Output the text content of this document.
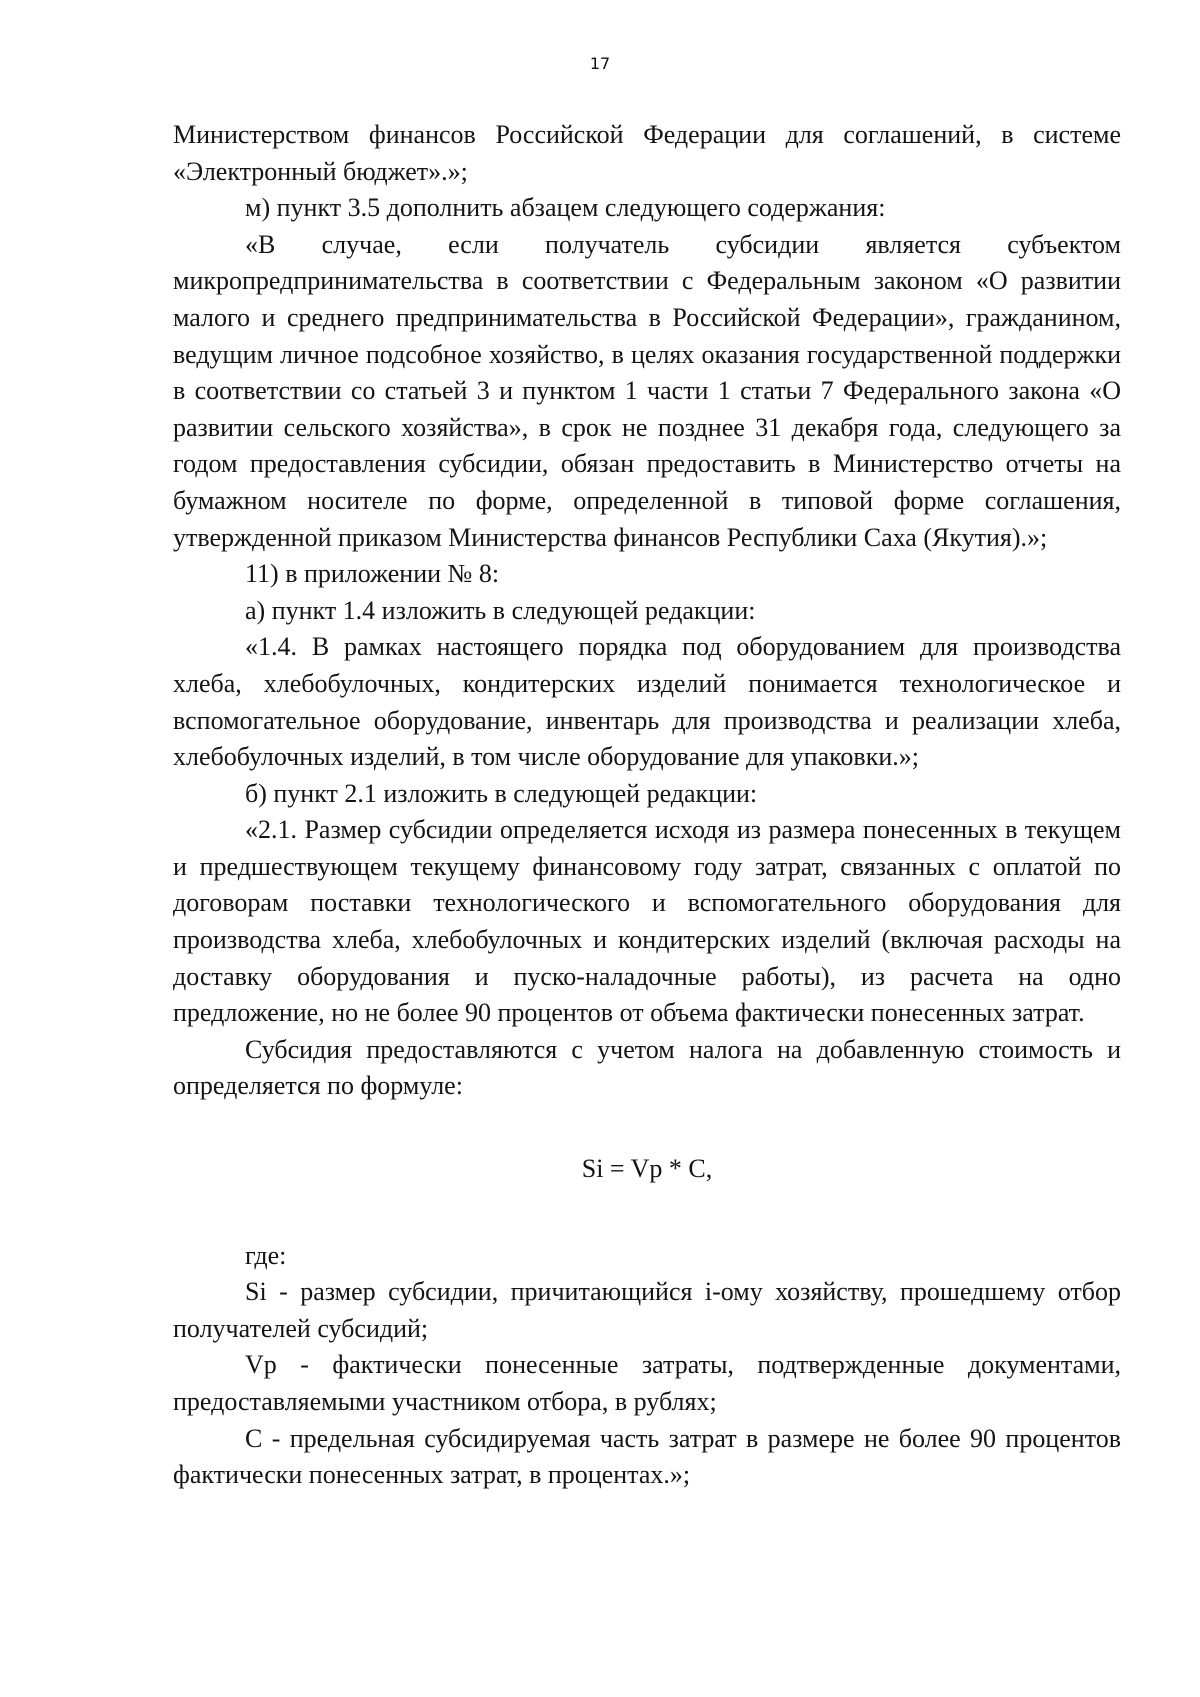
17

Министерством финансов Российской Федерации для соглашений, в системе «Электронный бюджет».»;

м) пункт 3.5 дополнить абзацем следующего содержания:

«В случае, если получатель субсидии является субъектом микропредпринимательства в соответствии с Федеральным законом «О развитии малого и среднего предпринимательства в Российской Федерации», гражданином, ведущим личное подсобное хозяйство, в целях оказания государственной поддержки в соответствии со статьей 3 и пунктом 1 части 1 статьи 7 Федерального закона «О развитии сельского хозяйства», в срок не позднее 31 декабря года, следующего за годом предоставления субсидии, обязан предоставить в Министерство отчеты на бумажном носителе по форме, определенной в типовой форме соглашения, утвержденной приказом Министерства финансов Республики Саха (Якутия).»;

11) в приложении № 8:

а) пункт 1.4 изложить в следующей редакции:

«1.4. В рамках настоящего порядка под оборудованием для производства хлеба, хлебобулочных, кондитерских изделий понимается технологическое и вспомогательное оборудование, инвентарь для производства и реализации хлеба, хлебобулочных изделий, в том числе оборудование для упаковки.»;

б) пункт 2.1 изложить в следующей редакции:

«2.1. Размер субсидии определяется исходя из размера понесенных в текущем и предшествующем текущему финансовому году затрат, связанных с оплатой по договорам поставки технологического и вспомогательного оборудования для производства хлеба, хлебобулочных и кондитерских изделий (включая расходы на доставку оборудования и пуско-наладочные работы), из расчета на одно предложение, но не более 90 процентов от объема фактически понесенных затрат.

Субсидия предоставляются с учетом налога на добавленную стоимость и определяется по формуле:

Si = Vp * C,

где:

Si - размер субсидии, причитающийся i-ому хозяйству, прошедшему отбор получателей субсидий;

Vp - фактически понесенные затраты, подтвержденные документами, предоставляемыми участником отбора, в рублях;

С - предельная субсидируемая часть затрат в размере не более 90 процентов фактически понесенных затрат, в процентах.»;
